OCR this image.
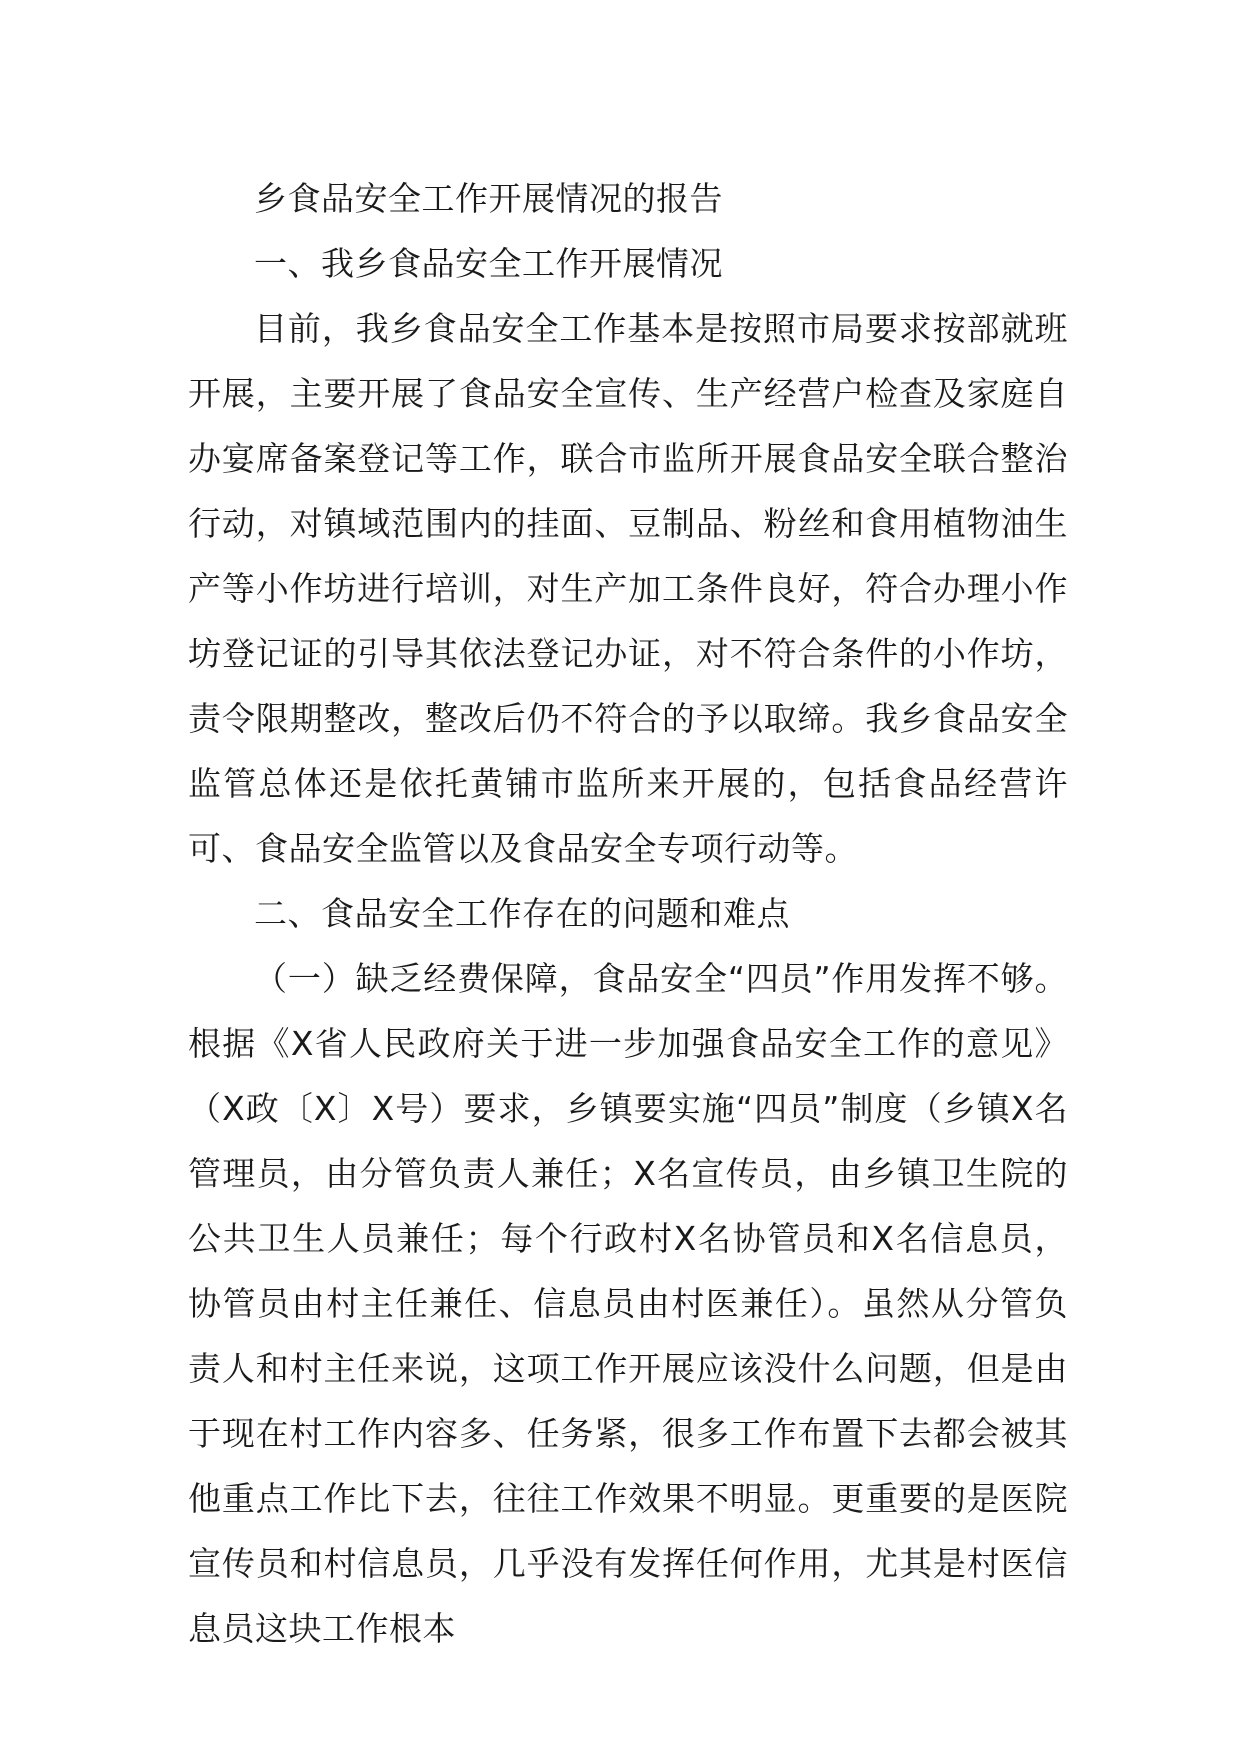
乡食品安全工作开展情况的报告

一、我乡食品安全工作开展情况

目前，我乡食品安全工作基本是按照市局要求按部就班开展，主要开展了食品安全宣传、生产经营户检查及家庭自办宴席备案登记等工作，联合市监所开展食品安全联合整治行动，对镇域范围内的挂面、豆制品、粉丝和食用植物油生产等小作坊进行培训，对生产加工条件良好，符合办理小作坊登记证的引导其依法登记办证，对不符合条件的小作坊，责令限期整改，整改后仍不符合的予以取缔。我乡食品安全监管总体还是依托黄铺市监所来开展的，包括食品经营许可、食品安全监管以及食品安全专项行动等。

二、食品安全工作存在的问题和难点

（一）缺乏经费保障，食品安全“四员”作用发挥不够。根据《X省人民政府关于进一步加强食品安全工作的意见》（X政〔X〕X号）要求，乡镇要实施“四员”制度（乡镇X名管理员，由分管负责人兼任；X名宣传员，由乡镇卫生院的公共卫生人员兼任；每个行政村X名协管员和X名信息员，协管员由村主任兼任、信息员由村医兼任）。虽然从分管负责人和村主任来说，这项工作开展应该没什么问题，但是由于现在村工作内容多、任务紧，很多工作布置下去都会被其他重点工作比下去，往往工作效果不明显。更重要的是医院宣传员和村信息员，几乎没有发挥任何作用，尤其是村医信息员这块工作根本
